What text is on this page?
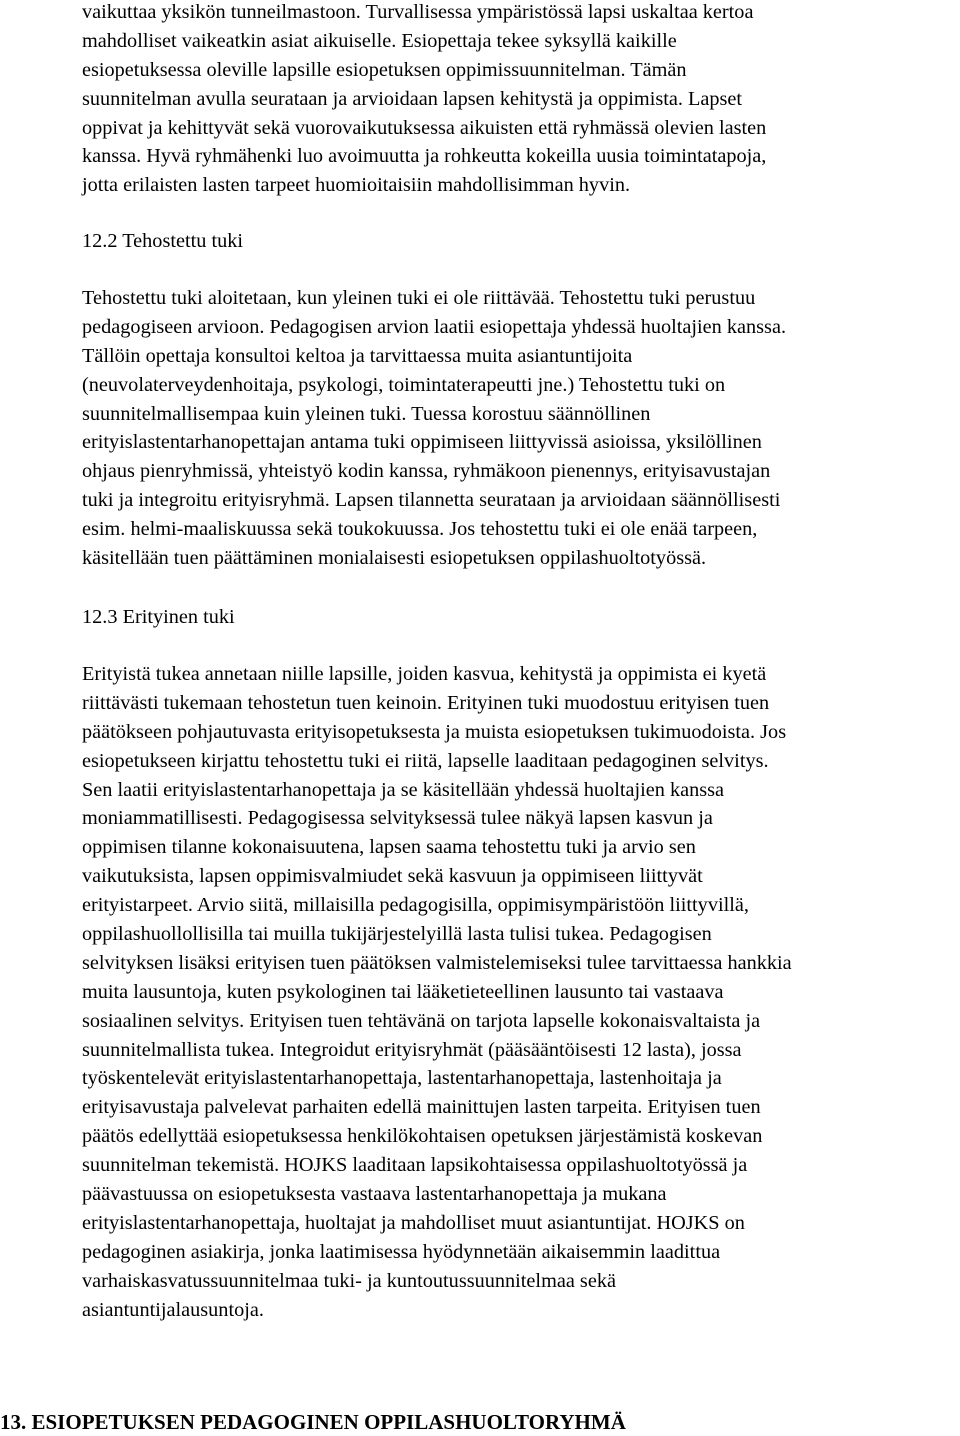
vaikuttaa yksikön tunneilmastoon. Turvallisessa ympäristössä lapsi uskaltaa kertoa
mahdolliset vaikeatkin asiat aikuiselle. Esiopettaja tekee syksyllä kaikille
esiopetuksessa oleville lapsille esiopetuksen oppimissuunnitelman. Tämän
suunnitelman avulla seurataan ja arvioidaan lapsen kehitystä ja oppimista. Lapset
oppivat ja kehittyvät sekä vuorovaikutuksessa aikuisten että ryhmässä olevien lasten
kanssa. Hyvä ryhmähenki luo avoimuutta ja rohkeutta kokeilla uusia toimintatapoja,
jotta erilaisten lasten tarpeet huomioitaisiin mahdollisimman hyvin.
12.2 Tehostettu tuki
Tehostettu tuki aloitetaan, kun yleinen tuki ei ole riittävää. Tehostettu tuki perustuu
pedagogiseen arvioon. Pedagogisen arvion laatii esiopettaja yhdessä huoltajien kanssa.
Tällöin opettaja konsultoi keltoa ja tarvittaessa muita asiantuntijoita
(neuvolaterveydenhoitaja, psykologi, toimintaterapeutti jne.) Tehostettu tuki on
suunnitelmallisempaa kuin yleinen tuki. Tuessa korostuu säännöllinen
erityislastentarhanopettajan antama tuki oppimiseen liittyvissä asioissa, yksilöllinen
ohjaus pienryhmissä, yhteistyö kodin kanssa, ryhmäkoon pienennys, erityisavustajan
tuki ja integroitu erityisryhmä. Lapsen tilannetta seurataan ja arvioidaan säännöllisesti
esim. helmi-maaliskuussa sekä toukokuussa. Jos tehostettu tuki ei ole enää tarpeen,
käsitellään tuen päättäminen monialaisesti esiopetuksen oppilashuoltotyössä.
12.3 Erityinen tuki
Erityistä tukea annetaan niille lapsille, joiden kasvua, kehitystä ja oppimista ei kyetä
riittävästi tukemaan tehostetun tuen keinoin. Erityinen tuki muodostuu erityisen tuen
päätökseen pohjautuvasta erityisopetuksesta ja muista esiopetuksen tukimuodoista. Jos
esiopetukseen kirjattu tehostettu tuki ei riitä, lapselle laaditaan pedagoginen selvitys.
Sen laatii erityislastentarhanopettaja ja se käsitellään yhdessä huoltajien kanssa
moniammatillisesti. Pedagogisessa selvityksessä tulee näkyä lapsen kasvun ja
oppimisen tilanne kokonaisuutena, lapsen saama tehostettu tuki ja arvio sen
vaikutuksista, lapsen oppimisvalmiudet sekä kasvuun ja oppimiseen liittyvät
erityistarpeet. Arvio siitä, millaisilla pedagogisilla, oppimisympäristöön liittyvillä,
oppilashuollollisilla tai muilla tukijärjestelyillä lasta tulisi tukea. Pedagogisen
selvityksen lisäksi erityisen tuen päätöksen valmistelemiseksi tulee tarvittaessa hankkia
muita lausuntoja, kuten psykologinen tai lääketieteellinen lausunto tai vastaava
sosiaalinen selvitys. Erityisen tuen tehtävänä on tarjota lapselle kokonaisvaltaista ja
suunnitelmallista tukea. Integroidut erityisryhmät (pääsääntöisesti 12 lasta), jossa
työskentelevät erityislastentarhanopettaja, lastentarhanopettaja, lastenhoitaja ja
erityisavustaja palvelevat parhaiten edellä mainittujen lasten tarpeita. Erityisen tuen
päätös edellyttää esiopetuksessa henkilökohtaisen opetuksen järjestämistä koskevan
suunnitelman tekemistä. HOJKS laaditaan lapsikohtaisessa oppilashuoltotyössä ja
päävastuussa on esiopetuksesta vastaava lastentarhanopettaja ja mukana
erityislastentarhanopettaja, huoltajat ja mahdolliset muut asiantuntijat. HOJKS on
pedagoginen asiakirja, jonka laatimisessa hyödynnetään aikaisemmin laadittua
varhaiskasvatussuunnitelmaa tuki- ja kuntoutussuunnitelmaa sekä
asiantuntijalausuntoja.
13. ESIOPETUKSEN PEDAGOGINEN OPPILASHUOLTORYHMÄ
